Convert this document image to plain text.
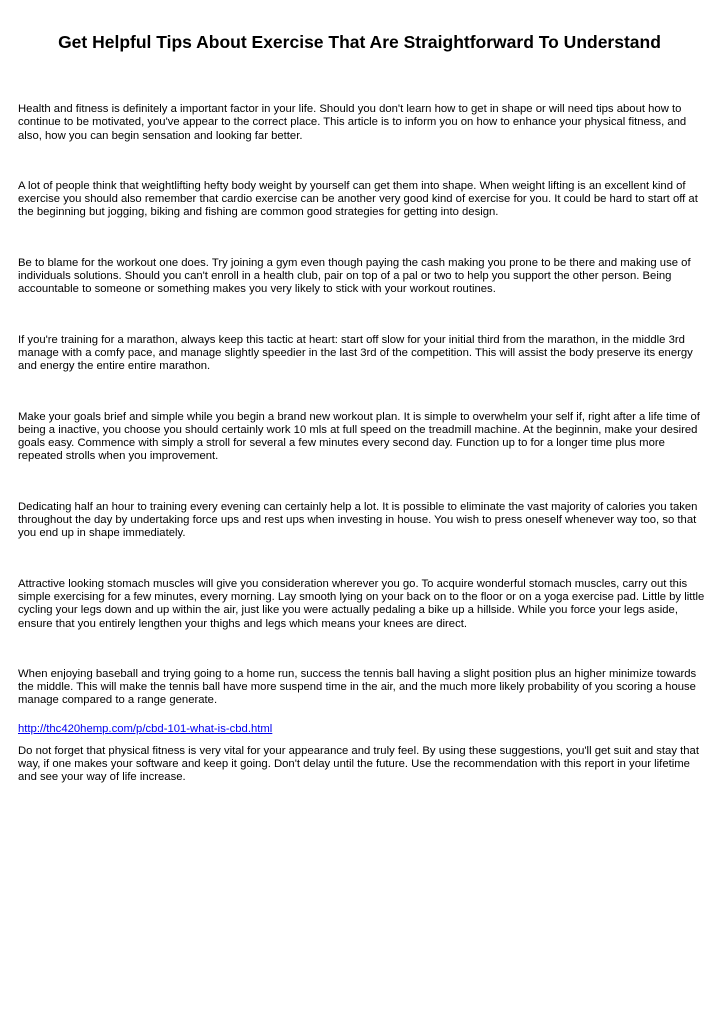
Get Helpful Tips About Exercise That Are Straightforward To Understand

Health and fitness is definitely a important factor in your life. Should you don't learn how to get in shape or will need tips about how to continue to be motivated, you've appear to the correct place. This article is to inform you on how to enhance your physical fitness, and also, how you can begin sensation and looking far better.

A lot of people think that weightlifting hefty body weight by yourself can get them into shape. When weight lifting is an excellent kind of exercise you should also remember that cardio exercise can be another very good kind of exercise for you. It could be hard to start off at the beginning but jogging, biking and fishing are common good strategies for getting into design.

Be to blame for the workout one does. Try joining a gym even though paying the cash making you prone to be there and making use of individuals solutions. Should you can't enroll in a health club, pair on top of a pal or two to help you support the other person. Being accountable to someone or something makes you very likely to stick with your workout routines.

If you're training for a marathon, always keep this tactic at heart: start off slow for your initial third from the marathon, in the middle 3rd manage with a comfy pace, and manage slightly speedier in the last 3rd of the competition. This will assist the body preserve its energy and energy the entire entire marathon.

Make your goals brief and simple while you begin a brand new workout plan. It is simple to overwhelm your self if, right after a life time of being a inactive, you choose you should certainly work 10 mls at full speed on the treadmill machine. At the beginnin, make your desired goals easy. Commence with simply a stroll for several a few minutes every second day. Function up to for a longer time plus more repeated strolls when you improvement.

Dedicating half an hour to training every evening can certainly help a lot. It is possible to eliminate the vast majority of calories you taken throughout the day by undertaking force ups and rest ups when investing in house. You wish to press oneself whenever way too, so that you end up in shape immediately.

Attractive looking stomach muscles will give you consideration wherever you go. To acquire wonderful stomach muscles, carry out this simple exercising for a few minutes, every morning. Lay smooth lying on your back on to the floor or on a yoga exercise pad. Little by little cycling your legs down and up within the air, just like you were actually pedaling a bike up a hillside. While you force your legs aside, ensure that you entirely lengthen your thighs and legs which means your knees are direct.

When enjoying baseball and trying going to a home run, success the tennis ball having a slight position plus an higher minimize towards the middle. This will make the tennis ball have more suspend time in the air, and the much more likely probability of you scoring a house manage compared to a range generate.

Do not forget that physical fitness is very vital for your appearance and truly feel. By using these suggestions, you'll get suit and stay that way, if one makes your software and keep it going. Don't delay until the future. Use the recommendation with this report in your lifetime and see your way of life increase.

http://thc420hemp.com/p/cbd-101-what-is-cbd.html
